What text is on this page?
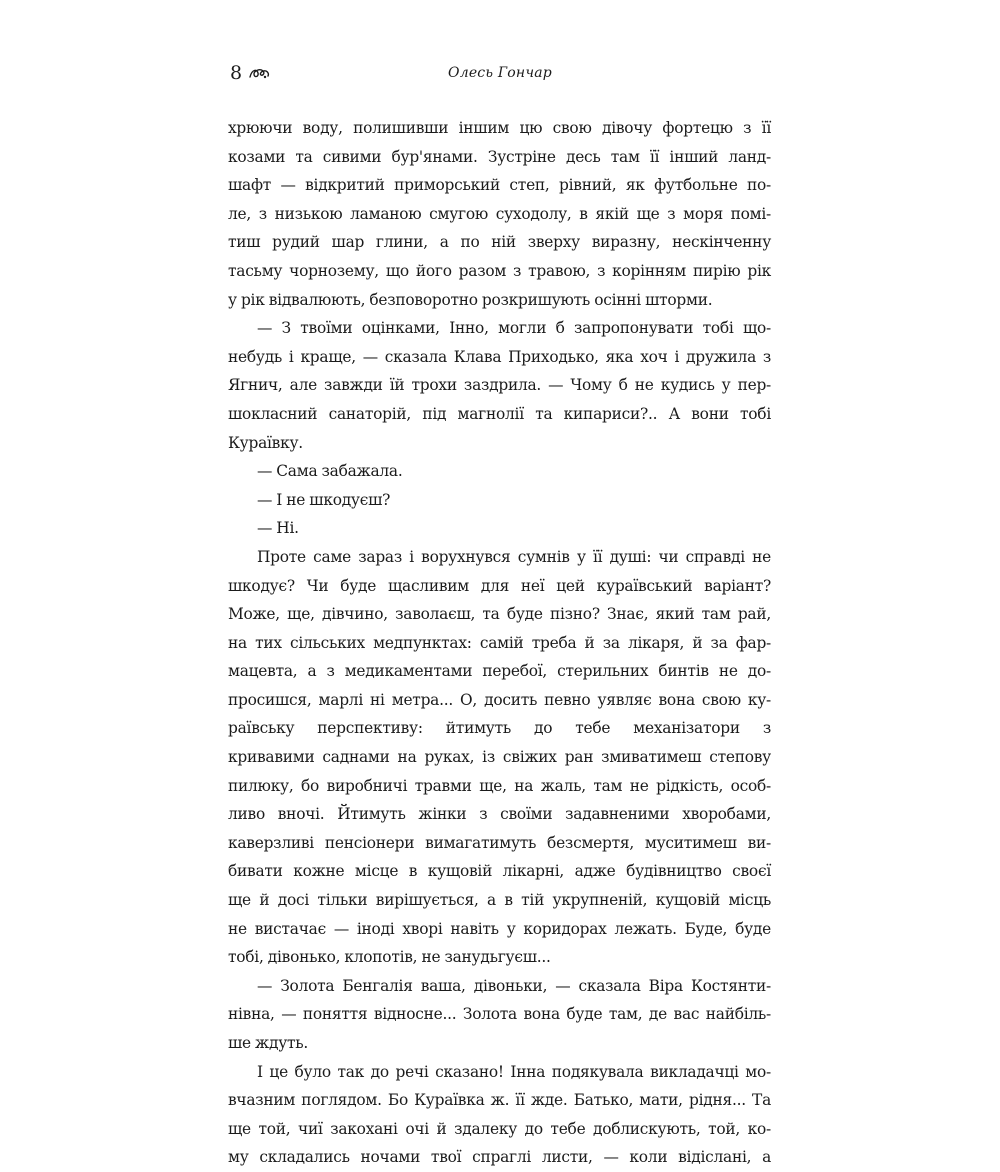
8	Олесь Гончар
хрюючи воду, полишивши іншим цю свою дівочу фортецю з її
козами та сивими бур'янами. Зустріне десь там її інший ланд-
шафт — відкритий приморський степ, рівний, як футбольне по-
ле, з низькою ламаною смугою суходолу, в якій ще з моря помі-
тиш рудий шар глини, а по ній зверху виразну, нескінченну
тасьму чорнозему, що його разом з травою, з корінням пирію рік
у рік відвалюють, безповоротно розкришують осінні шторми.
— З твоїми оцінками, Інно, могли б запропонувати тобі що-
небудь і краще, — сказала Клава Приходько, яка хоч і дружила з
Ягнич, але завжди їй трохи заздрила. — Чому б не кудись у пер-
шокласний санаторій, під магнолії та кипариси?.. А вони тобі
Кураївку.
— Сама забажала.
— І не шкодуєш?
— Ні.
Проте саме зараз і ворухнувся сумнів у її душі: чи справді не
шкодує? Чи буде щасливим для неї цей кураївський варіант?
Може, ще, дівчино, заволаєш, та буде пізно? Знає, який там рай,
на тих сільських медпунктах: самій треба й за лікаря, й за фар-
мацевта, а з медикаментами перебої, стерильних бинтів не до-
просишся, марлі ні метра... О, досить певно уявляє вона свою ку-
раївську перспективу: йтимуть до тебе механізатори з
кривавими саднами на руках, із свіжих ран змиватимеш степову
пилюку, бо виробничі травми ще, на жаль, там не рідкість, особ-
ливо вночі. Йтимуть жінки з своїми задавненими хворобами,
каверзливі пенсіонери вимагатимуть безсмертя, муситимеш ви-
бивати кожне місце в кущовій лікарні, адже будівництво своєї
ще й досі тільки вирішується, а в тій укрупненій, кущовій місць
не вистачає — іноді хворі навіть у коридорах лежать. Буде, буде
тобі, дівонько, клопотів, не занудьгуєш...
— Золота Бенгалія ваша, дівоньки, — сказала Віра Костянти-
нівна, — поняття відносне... Золота вона буде там, де вас найбіль-
ше ждуть.
І це було так до речі сказано! Інна подякувала викладачці мо-
вчазним поглядом. Бо Кураївка ж. її жде. Батько, мати, рідня... Та
ще той, чиї закохані очі й здалеку до тебе доблискують, той, ко-
му складались ночами твої спраглі листи, — коли відіслані, а
